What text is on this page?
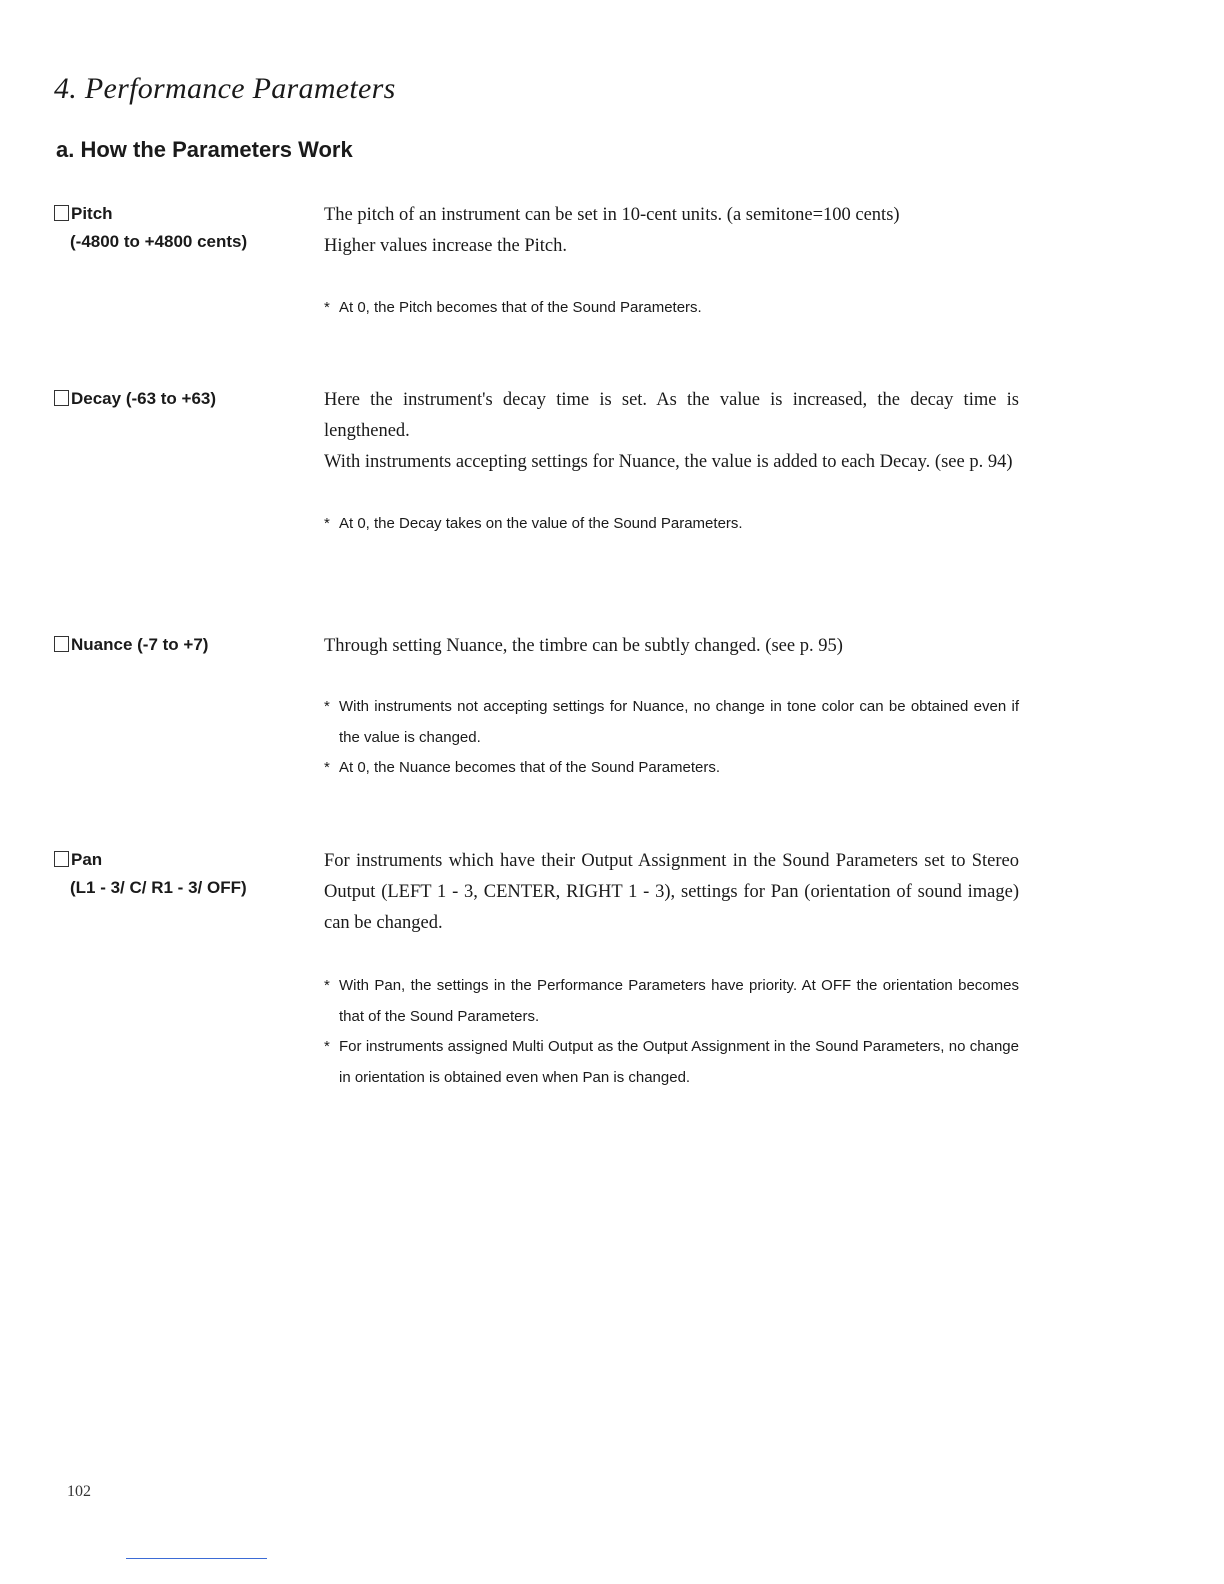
4. Performance Parameters
a. How the Parameters Work
Pitch
(-4800 to +4800 cents)

The pitch of an instrument can be set in 10-cent units. (a semitone=100 cents)

Higher values increase the Pitch.

* At 0, the Pitch becomes that of the Sound Parameters.
Decay (-63 to +63)	Here the instrument's decay time is set. As the value is increased, the decay time is lengthened.

With instruments accepting settings for Nuance, the value is added to each Decay. (see p. 94)

* At 0, the Decay takes on the value of the Sound Parameters.
Nuance (-7 to +7)	Through setting Nuance, the timbre can be subtly changed. (see p. 95)

* With instruments not accepting settings for Nuance, no change in tone color can be obtained even if the value is changed.
* At 0, the Nuance becomes that of the Sound Parameters.
Pan
(L1 - 3/ C/ R1 - 3/ OFF)

For instruments which have their Output Assignment in the Sound Parameters set to Stereo Output (LEFT 1 - 3, CENTER, RIGHT 1 - 3), settings for Pan (orientation of sound image) can be changed.

* With Pan, the settings in the Performance Parameters have priority. At OFF the orientation becomes that of the Sound Parameters.
* For instruments assigned Multi Output as the Output Assignment in the Sound Parameters, no change in orientation is obtained even when Pan is changed.
102
